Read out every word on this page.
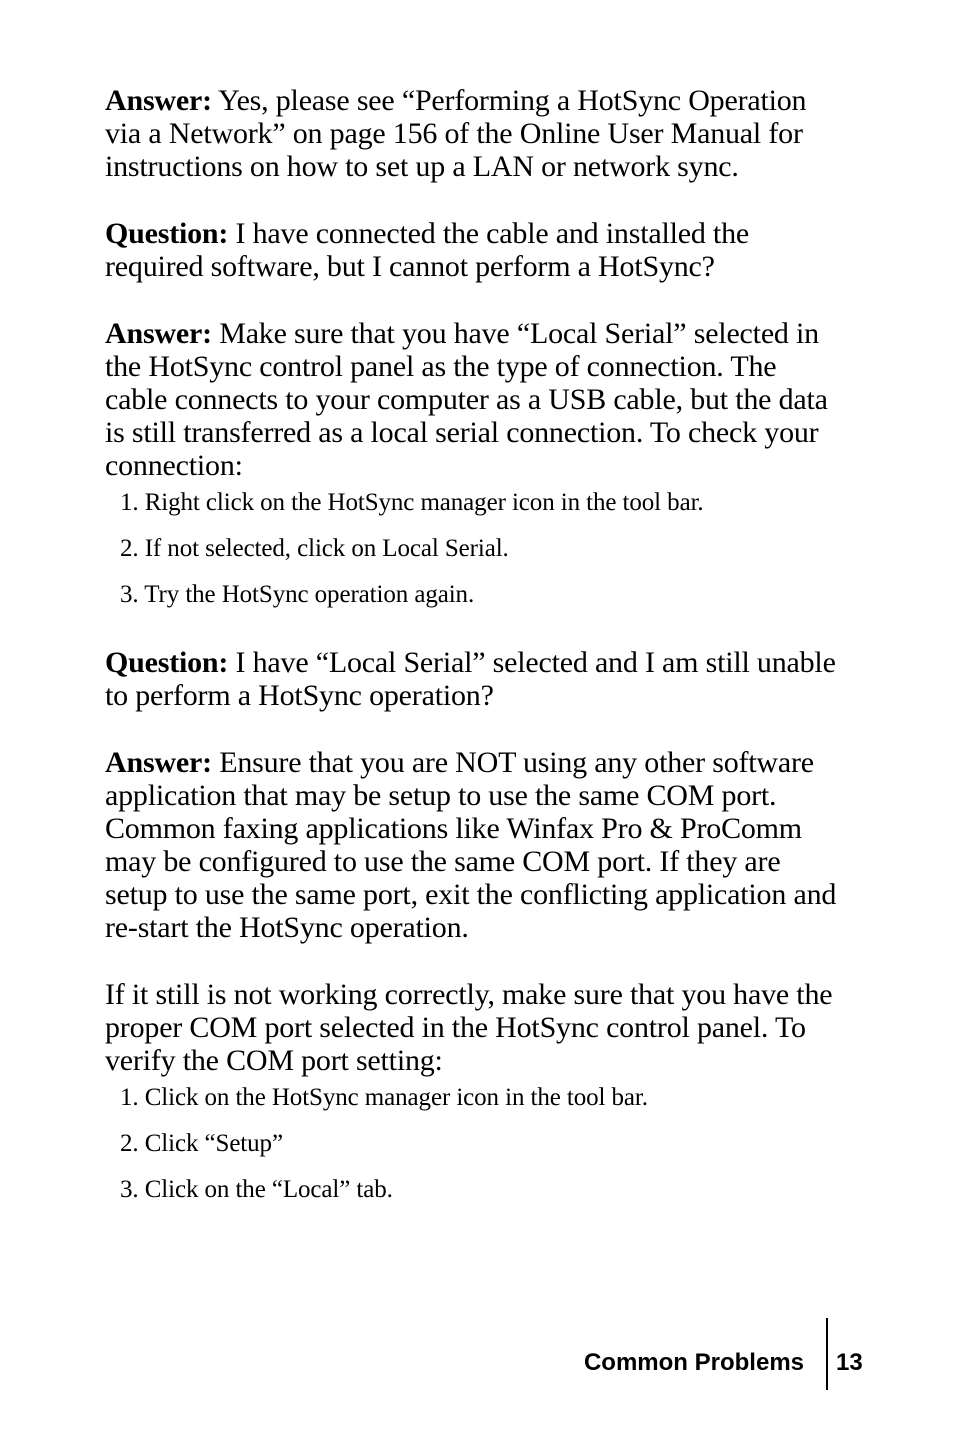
Answer: Yes, please see “Performing a HotSync Operation via a Network” on page 156 of the Online User Manual for instructions on how to set up a LAN or network sync.

Question: I have connected the cable and installed the required software, but I cannot perform a HotSync?

Answer: Make sure that you have “Local Serial” selected in the HotSync control panel as the type of connection. The cable connects to your computer as a USB cable, but the data is still transferred as a local serial connection. To check your connection:

1. Right click on the HotSync manager icon in the tool bar.
2. If not selected, click on Local Serial.
3. Try the HotSync operation again.

Question: I have “Local Serial” selected and I am still unable to perform a HotSync operation?

Answer: Ensure that you are NOT using any other software application that may be setup to use the same COM port. Common faxing applications like Winfax Pro & ProComm may be configured to use the same COM port. If they are setup to use the same port, exit the conflicting application and re-start the HotSync operation.

If it still is not working correctly, make sure that you have the proper COM port selected in the HotSync control panel. To verify the COM port setting:

1. Click on the HotSync manager icon in the tool bar.
2. Click “Setup”
3. Click on the “Local” tab.
Common Problems 13
